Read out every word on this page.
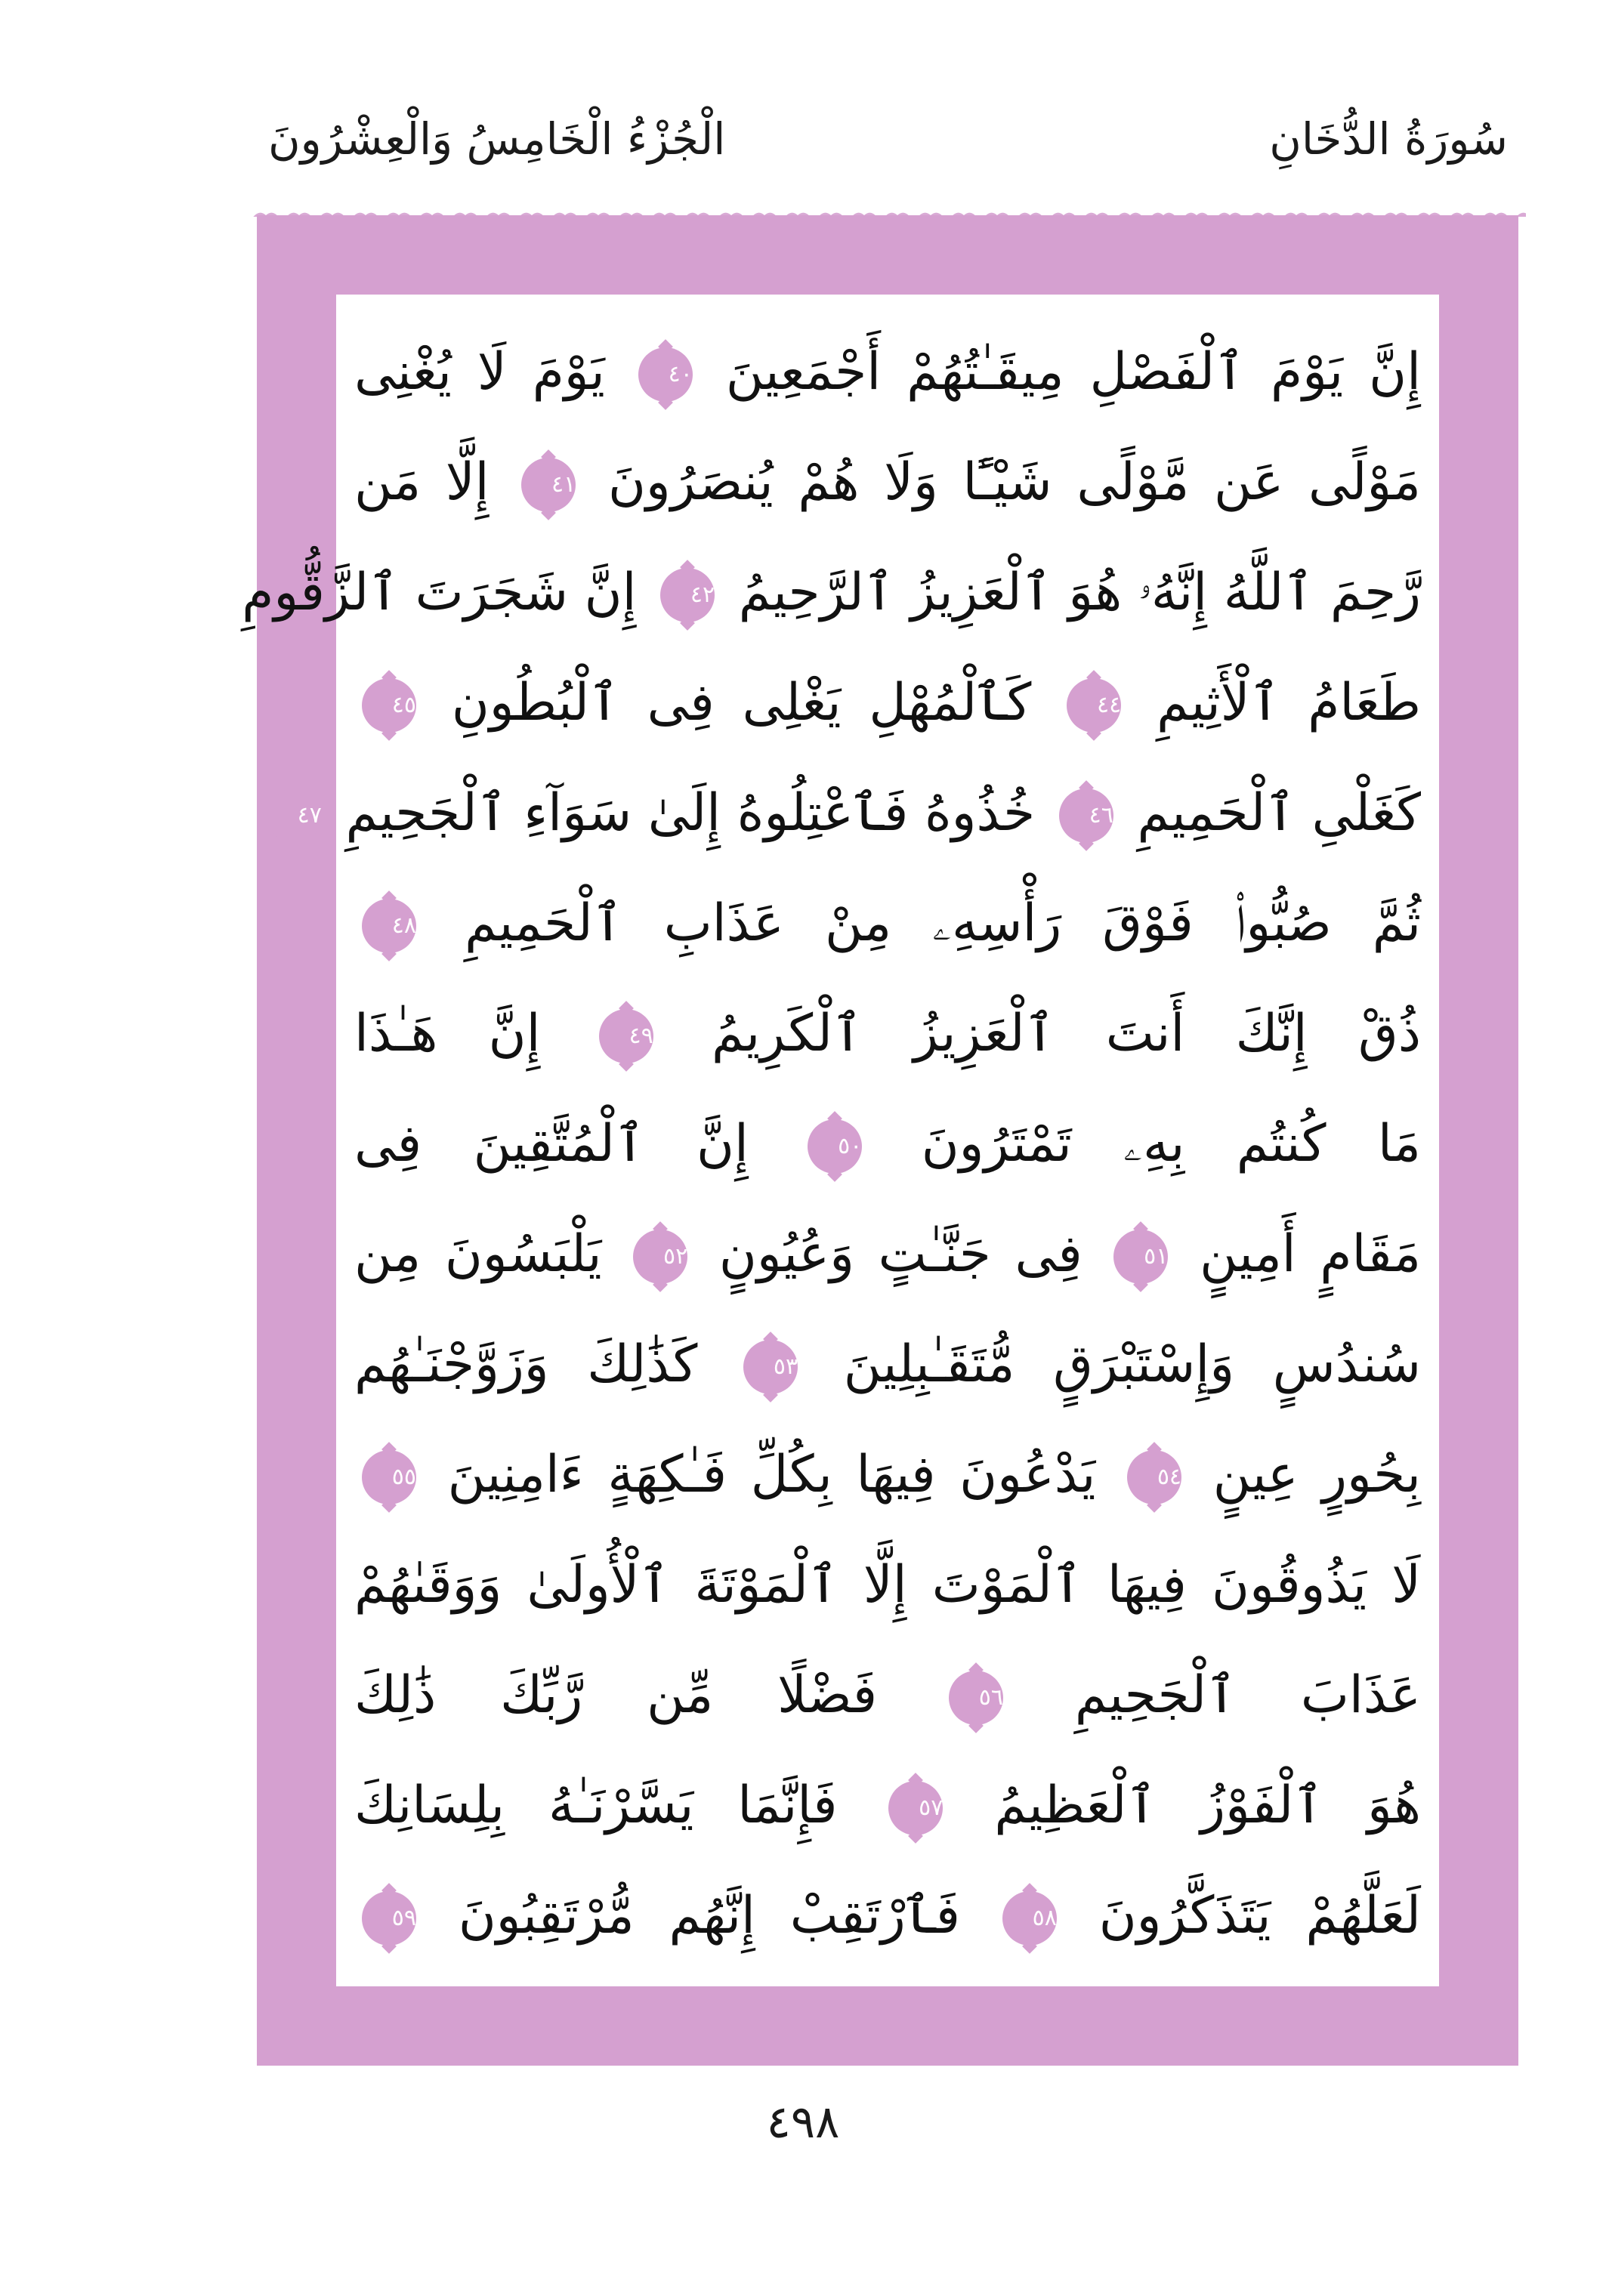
سُورَةُ الدُّخَانِ
الْجُزْءُ الْخَامِسُ وَالْعِشْرُونَ
إِنَّ يَوْمَ ٱلْفَصْلِ مِيقَـٰتُهُمْ أَجْمَعِينَ ٤٠ يَوْمَ لَا يُغْنِى
مَوْلًى عَن مَّوْلًى شَيْـًٔا وَلَا هُمْ يُنصَرُونَ ٤١ إِلَّا مَن
رَّحِمَ ٱللَّهُ إِنَّهُۥ هُوَ ٱلْعَزِيزُ ٱلرَّحِيمُ ٤٢ إِنَّ شَجَرَتَ ٱلزَّقُّومِ
طَعَامُ ٱلْأَثِيمِ ٤٤ كَٱلْمُهْلِ يَغْلِى فِى ٱلْبُطُونِ ٤٥
كَغَلْىِ ٱلْحَمِيمِ ٤٦ خُذُوهُ فَٱعْتِلُوهُ إِلَىٰ سَوَآءِ ٱلْجَحِيمِ ٤٧
ثُمَّ صُبُّوا۟ فَوْقَ رَأْسِهِۦ مِنْ عَذَابِ ٱلْحَمِيمِ ٤٨
ذُقْ إِنَّكَ أَنتَ ٱلْعَزِيزُ ٱلْكَرِيمُ ٤٩ إِنَّ هَـٰذَا
مَا كُنتُم بِهِۦ تَمْتَرُونَ ٥٠ إِنَّ ٱلْمُتَّقِينَ فِى
مَقَامٍ أَمِينٍ ٥١ فِى جَنَّـٰتٍ وَعُيُونٍ ٥٢ يَلْبَسُونَ مِن
سُندُسٍ وَإِسْتَبْرَقٍ مُّتَقَـٰبِلِينَ ٥٣ كَذَٰلِكَ وَزَوَّجْنَـٰهُم
بِحُورٍ عِينٍ ٥٤ يَدْعُونَ فِيهَا بِكُلِّ فَـٰكِهَةٍ ءَامِنِينَ ٥٥
لَا يَذُوقُونَ فِيهَا ٱلْمَوْتَ إِلَّا ٱلْمَوْتَةَ ٱلْأُولَىٰ وَوَقَىٰهُمْ
عَذَابَ ٱلْجَحِيمِ ٥٦ فَضْلًا مِّن رَّبِّكَ ذَٰلِكَ
هُوَ ٱلْفَوْزُ ٱلْعَظِيمُ ٥٧ فَإِنَّمَا يَسَّرْنَـٰهُ بِلِسَانِكَ
لَعَلَّهُمْ يَتَذَكَّرُونَ ٥٨ فَٱرْتَقِبْ إِنَّهُم مُّرْتَقِبُونَ ٥٩
٤٩٨
